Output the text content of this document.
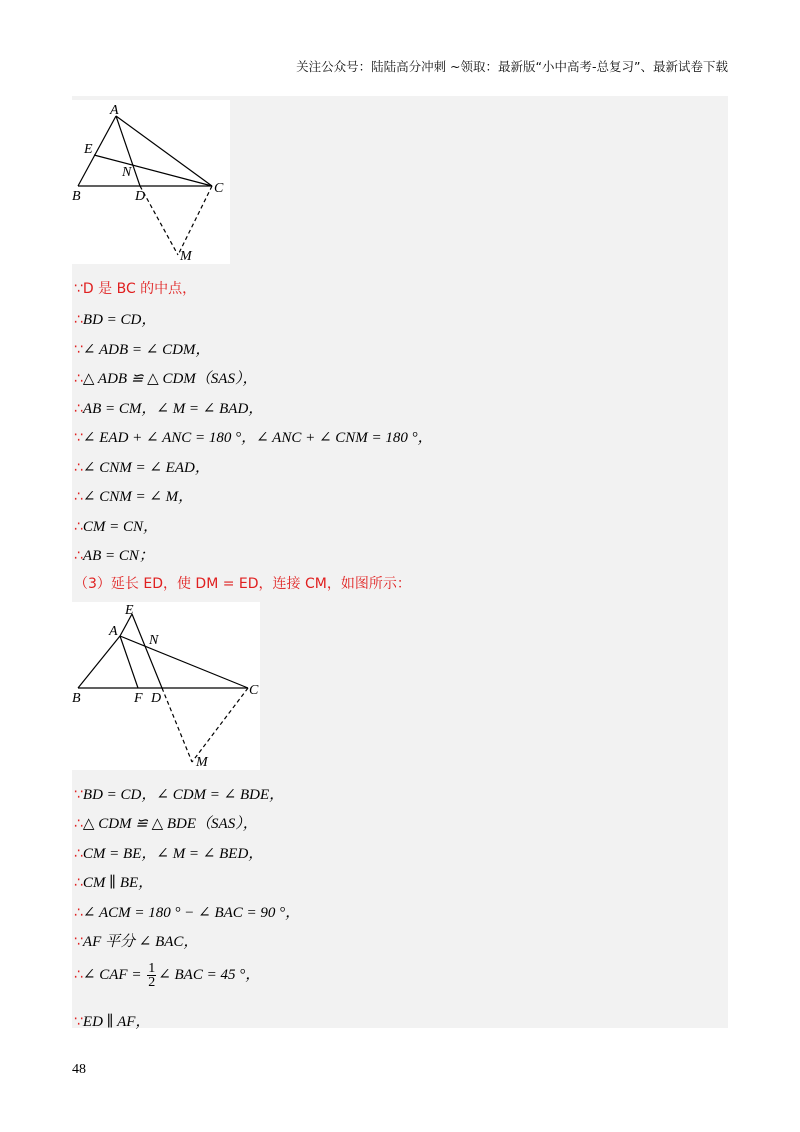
关注公众号：陆陆高分冲刺 ~领取：最新版“小中高考-总复习”、最新试卷下载
A
E
N
B	D
C
M
∵D 是 BC 的中点，
∴BD = CD，
∵∠ ADB = ∠ CDM，
∴△ ADB ≌ △ CDM（SAS），
∴AB = CM，∠ M = ∠ BAD，
∵∠ EAD + ∠ ANC = 180 °，∠ ANC + ∠ CNM = 180 °，
∴∠ CNM = ∠ EAD，
∴∠ CNM = ∠ M，
∴CM = CN，
∴AB = CN；
（3）延长 ED，使 DM = ED，连接 CM，如图所示：
E
A
N
B	F D
C
M
∵BD = CD，∠ CDM = ∠ BDE，
∴△ CDM ≌ △ BDE（SAS），
∴CM = BE，∠ M = ∠ BED，
∴CM ∥ BE，
∴∠ ACM = 180 ° − ∠ BAC = 90 °，
∵AF 平分 ∠ BAC，
∴∠ CAF = $\frac{1}{2}$ ∠ BAC = 45 °，
∵ED ∥ AF，
48
